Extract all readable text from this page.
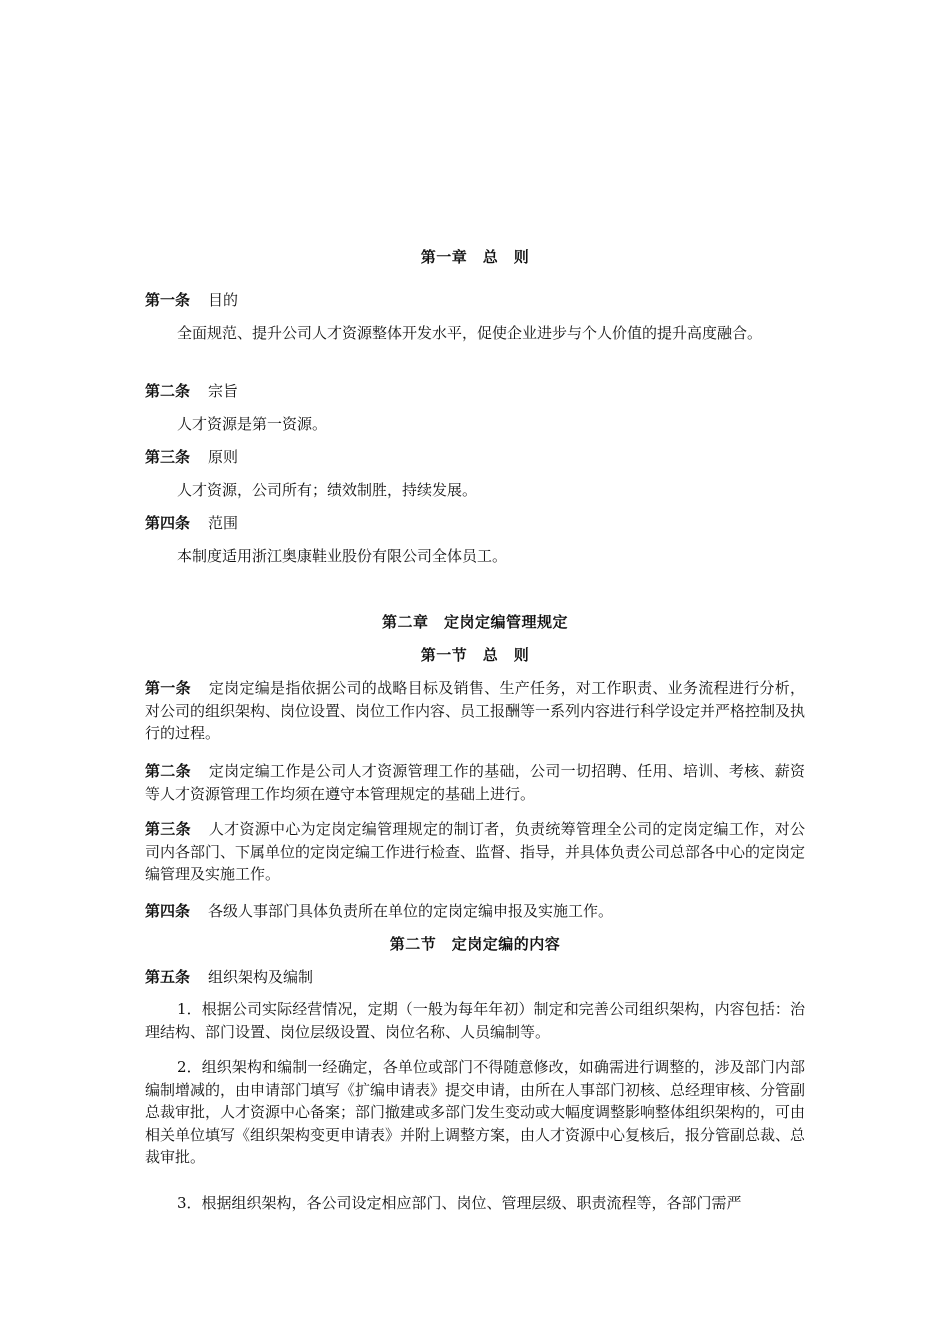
第一章　总　则
第一条 目的
全面规范、提升公司人才资源整体开发水平，促使企业进步与个人价值的提升高度融合。
第二条 宗旨
人才资源是第一资源。
第三条 原则
人才资源，公司所有；绩效制胜，持续发展。
第四条 范围
本制度适用浙江奥康鞋业股份有限公司全体员工。
第二章　定岗定编管理规定
第一节　总　则
第一条 定岗定编是指依据公司的战略目标及销售、生产任务，对工作职责、业务流程进行分析，对公司的组织架构、岗位设置、岗位工作内容、员工报酬等一系列内容进行科学设定并严格控制及执行的过程。
第二条 定岗定编工作是公司人才资源管理工作的基础，公司一切招聘、任用、培训、考核、薪资等人才资源管理工作均须在遵守本管理规定的基础上进行。
第三条 人才资源中心为定岗定编管理规定的制订者，负责统筹管理全公司的定岗定编工作，对公司内各部门、下属单位的定岗定编工作进行检查、监督、指导，并具体负责公司总部各中心的定岗定编管理及实施工作。
第四条 各级人事部门具体负责所在单位的定岗定编申报及实施工作。
第二节　定岗定编的内容
第五条 组织架构及编制
1．根据公司实际经营情况，定期（一般为每年年初）制定和完善公司组织架构，内容包括：治理结构、部门设置、岗位层级设置、岗位名称、人员编制等。
2．组织架构和编制一经确定，各单位或部门不得随意修改，如确需进行调整的，涉及部门内部编制增减的，由申请部门填写《扩编申请表》提交申请，由所在人事部门初核、总经理审核、分管副总裁审批，人才资源中心备案；部门撤建或多部门发生变动或大幅度调整影响整体组织架构的，可由相关单位填写《组织架构变更申请表》并附上调整方案，由人才资源中心复核后，报分管副总裁、总裁审批。
3．根据组织架构，各公司设定相应部门、岗位、管理层级、职责流程等，各部门需严
